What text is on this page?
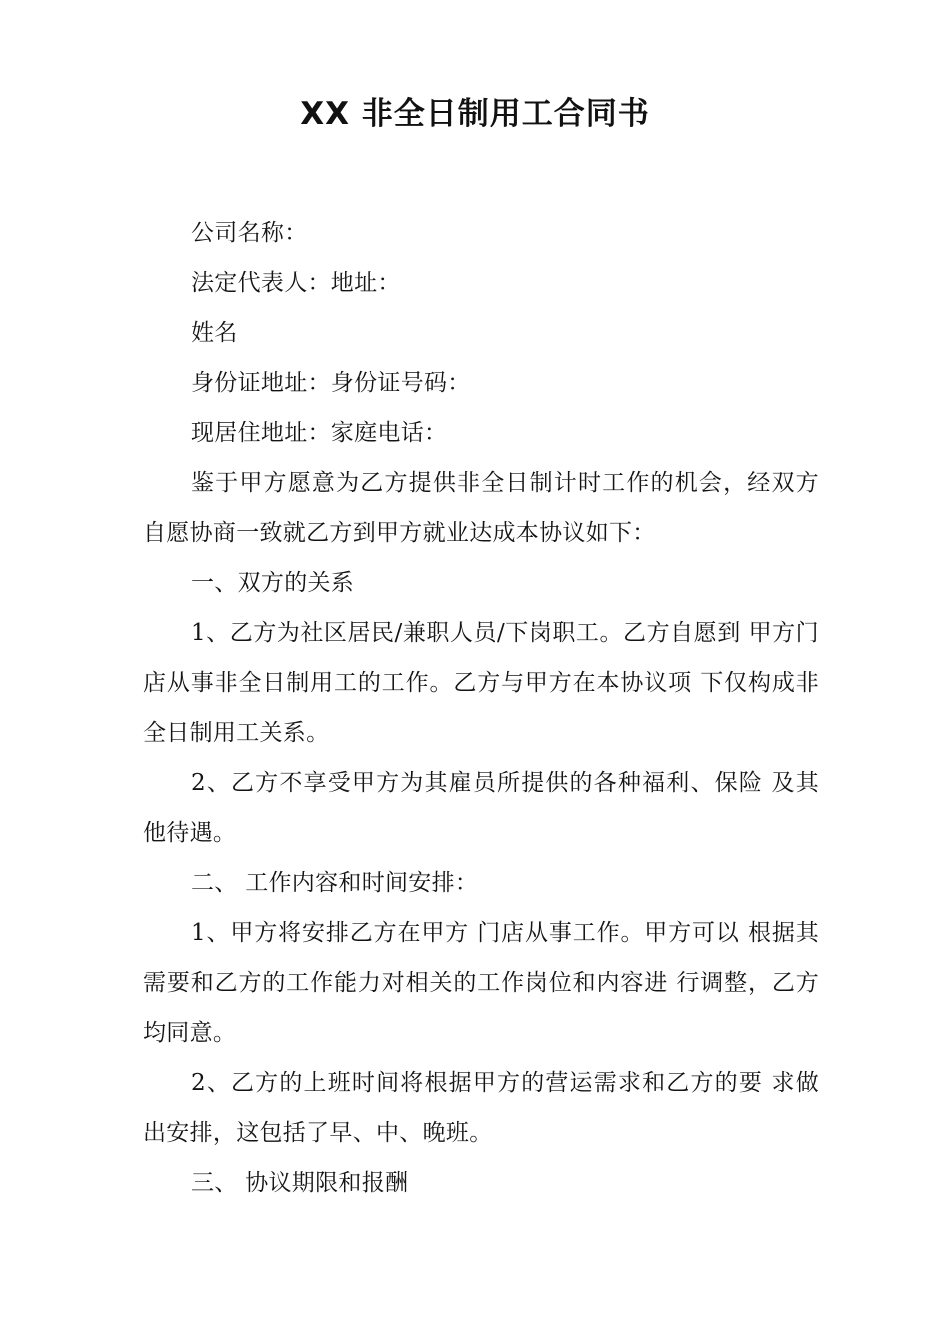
XX 非全日制用工合同书

公司名称：

法定代表人：地址：

姓名

身份证地址：身份证号码：

现居住地址：家庭电话：

鉴于甲方愿意为乙方提供非全日制计时工作的机会，经双方自愿协商一致就乙方到甲方就业达成本协议如下：

一、双方的关系

1、乙方为社区居民/兼职人员/下岗职工。乙方自愿到 甲方门店从事非全日制用工的工作。乙方与甲方在本协议项 下仅构成非全日制用工关系。

2、乙方不享受甲方为其雇员所提供的各种福利、保险 及其他待遇。

二、 工作内容和时间安排：

1、甲方将安排乙方在甲方 门店从事工作。甲方可以 根据其需要和乙方的工作能力对相关的工作岗位和内容进 行调整，乙方均同意。

2、乙方的上班时间将根据甲方的营运需求和乙方的要 求做出安排，这包括了早、中、晚班。

三、 协议期限和报酬
